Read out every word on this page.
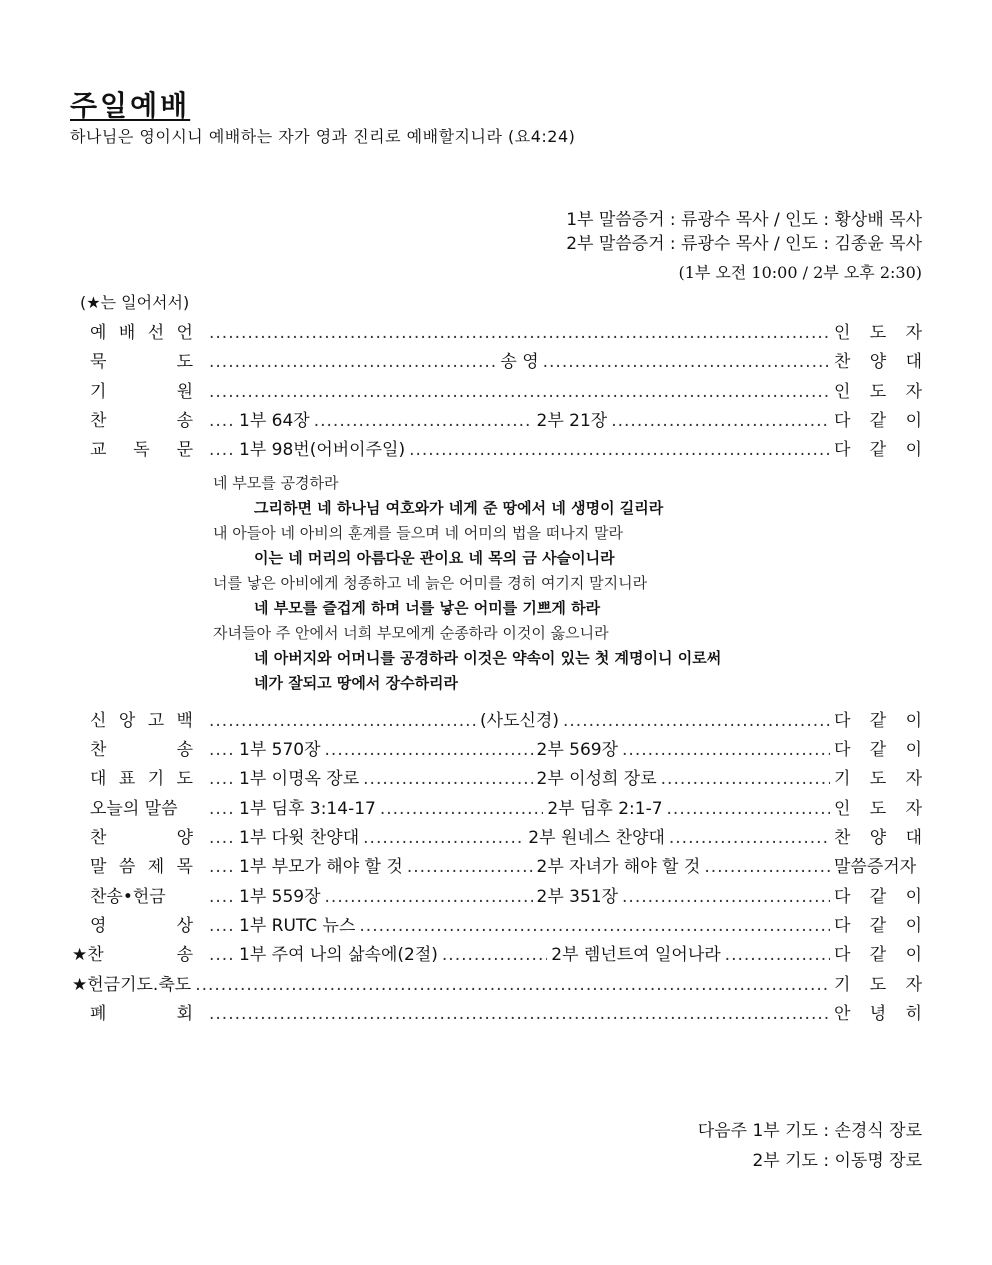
주일예배
하나님은 영이시니 예배하는 자가 영과 진리로 예배할지니라 (요4:24)
1부 말씀증거 : 류광수 목사 / 인도 : 황상배 목사
2부 말씀증거 : 류광수 목사 / 인도 : 김종윤 목사
(1부 오전 10:00 / 2부 오후 2:30)
(★는 일어서서)
예 배 선 언 .....	인 도 자
묵	도 .....	송 영 .....	찬 양 대
기	원 .....	인 도 자
찬	송 .....	1부 64장 .....	2부 21장 .....	다 같 이
교 독 문 .....	1부 98번(어버이주일) .....	다 같 이
네 부모를 공경하라
그리하면 네 하나님 여호와가 네게 준 땅에서 네 생명이 길리라
내 아들아 네 아비의 훈계를 들으며 네 어미의 법을 떠나지 말라
이는 네 머리의 아름다운 관이요 네 목의 금 사슬이니라
너를 낳은 아비에게 청종하고 네 늙은 어미를 경히 여기지 말지니라
네 부모를 즐겁게 하며 너를 낳은 어미를 기쁘게 하라
자녀들아 주 안에서 너희 부모에게 순종하라 이것이 옳으니라
네 아버지와 어머니를 공경하라 이것은 약속이 있는 첫 계명이니 이로써
네가 잘되고 땅에서 장수하리라
신 앙 고 백 .....	(사도신경) .....	다 같 이
찬	송 .....	1부 570장 .....	2부 569장 .....	다 같 이
대 표 기 도 .....	1부 이명옥 장로 .....	2부 이성희 장로 .....	기 도 자
오늘의 말씀 .....	1부 딤후 3:14-17 .....	2부 딤후 2:1-7 .....	인 도 자
찬	양 .....	1부 다윗 찬양대 .....	2부 원네스 찬양대 .....	찬 양 대
말 씀 제 목 .....	1부 부모가 해야 할 것 .....	2부 자녀가 해야 할 것 .....	말씀증거자
찬송•헌금 .....	1부 559장 .....	2부 351장 .....	다 같 이
영	상 .....	1부 RUTC 뉴스 .....	다 같 이
★찬	송 .....	1부 주여 나의 삶속에(2절) .....	2부 렘넌트여 일어나라 .....	다 같 이
★헌금기도.축도 .....	기 도 자
폐	회 .....	안 녕 히
다음주 1부 기도 : 손경식 장로
2부 기도 : 이동명 장로
